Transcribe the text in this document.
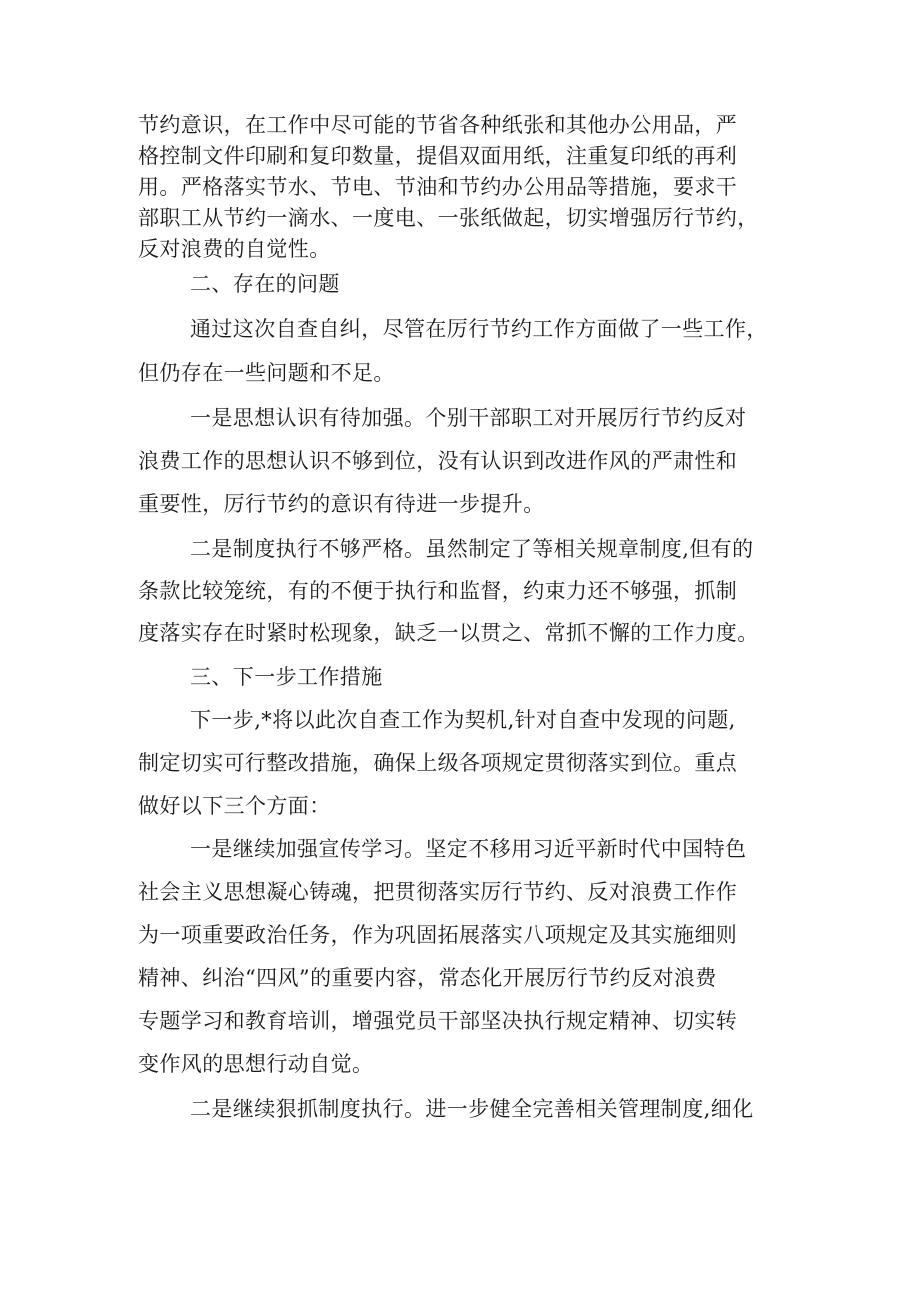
节约意识，在工作中尽可能的节省各种纸张和其他办公用品，严
格控制文件印刷和复印数量，提倡双面用纸，注重复印纸的再利
用。严格落实节水、节电、节油和节约办公用品等措施，要求干
部职工从节约一滴水、一度电、一张纸做起，切实增强厉行节约，
反对浪费的自觉性。
二、存在的问题
通过这次自查自纠，尽管在厉行节约工作方面做了一些工作，
但仍存在一些问题和不足。
一是思想认识有待加强。个别干部职工对开展厉行节约反对
浪费工作的思想认识不够到位，没有认识到改进作风的严肃性和
重要性，厉行节约的意识有待进一步提升。
二是制度执行不够严格。虽然制定了等相关规章制度,但有的
条款比较笼统，有的不便于执行和监督，约束力还不够强，抓制
度落实存在时紧时松现象，缺乏一以贯之、常抓不懈的工作力度。
三、下一步工作措施
下一步,*将以此次自查工作为契机,针对自查中发现的问题,
制定切实可行整改措施，确保上级各项规定贯彻落实到位。重点
做好以下三个方面：
一是继续加强宣传学习。坚定不移用习近平新时代中国特色
社会主义思想凝心铸魂，把贯彻落实厉行节约、反对浪费工作作
为一项重要政治任务，作为巩固拓展落实八项规定及其实施细则
精神、纠治“四风”的重要内容，常态化开展厉行节约反对浪费
专题学习和教育培训，增强党员干部坚决执行规定精神、切实转
变作风的思想行动自觉。
二是继续狠抓制度执行。进一步健全完善相关管理制度,细化
